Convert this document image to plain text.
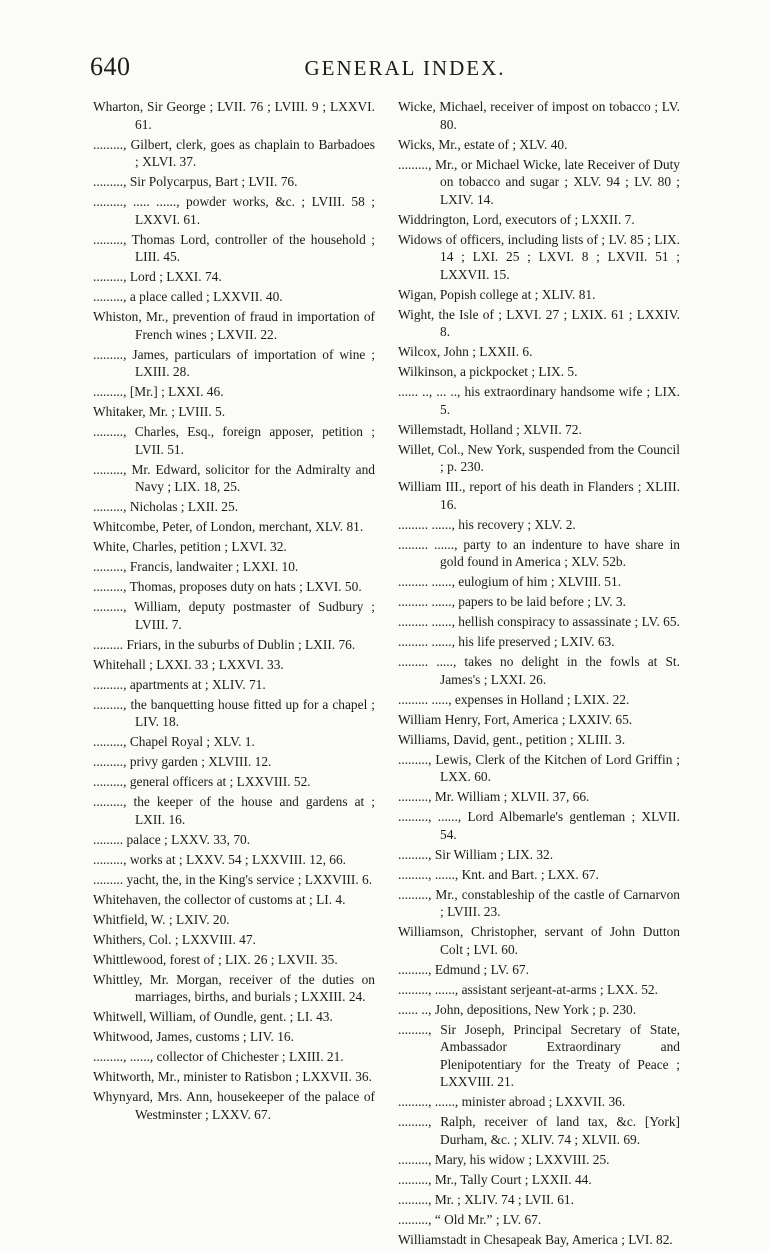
640	GENERAL INDEX.

Wharton, Sir George ; LVII. 76 ; LVIII. 9 ; LXXVI. 61.

........., Gilbert, clerk, goes as chaplain to Barbadoes ; XLVI. 37.

........., Sir Polycarpus, Bart ; LVII. 76.

........., ..... ......, powder works, &c. ; LVIII. 58 ; LXXVI. 61.

........., Thomas Lord, controller of the household ; LIII. 45.

........., Lord ; LXXI. 74.

........., a place called ; LXXVII. 40.

Whiston, Mr., prevention of fraud in importation of French wines ; LXVII. 22.

........., James, particulars of importation of wine ; LXIII. 28.

........., [Mr.] ; LXXI. 46.

Whitaker, Mr. ; LVIII. 5.

........., Charles, Esq., foreign apposer, petition ; LVII. 51.

........., Mr. Edward, solicitor for the Admiralty and Navy ; LIX. 18, 25.

........., Nicholas ; LXII. 25.

Whitcombe, Peter, of London, merchant, XLV. 81.

White, Charles, petition ; LXVI. 32.

........., Francis, landwaiter ; LXXI. 10.

........., Thomas, proposes duty on hats ; LXVI. 50.

........., William, deputy postmaster of Sudbury ; LVIII. 7.

......... Friars, in the suburbs of Dublin ; LXII. 76.

Whitehall ; LXXI. 33 ; LXXVI. 33.

........., apartments at ; XLIV. 71.

........., the banquetting house fitted up for a chapel ; LIV. 18.

........., Chapel Royal ; XLV. 1.

........., privy garden ; XLVIII. 12.

........., general officers at ; LXXVIII. 52.

........., the keeper of the house and gardens at ; LXII. 16.

......... palace ; LXXV. 33, 70.

........., works at ; LXXV. 54 ; LXXVIII. 12, 66.

......... yacht, the, in the King's service ; LXXVIII. 6.

Whitehaven, the collector of customs at ; LI. 4.

Whitfield, W. ; LXIV. 20.

Whithers, Col. ; LXXVIII. 47.

Whittlewood, forest of ; LIX. 26 ; LXVII. 35.

Whittley, Mr. Morgan, receiver of the duties on marriages, births, and burials ; LXXIII. 24.

Whitwell, William, of Oundle, gent. ; LI. 43.

Whitwood, James, customs ; LIV. 16.

........., ......, collector of Chichester ; LXIII. 21.

Whitworth, Mr., minister to Ratisbon ; LXXVII. 36.

Whynyard, Mrs. Ann, housekeeper of the palace of Westminster ; LXXV. 67.

Wicke, Michael, receiver of impost on tobacco ; LV. 80.

Wicks, Mr., estate of ; XLV. 40.

........., Mr., or Michael Wicke, late Receiver of Duty on tobacco and sugar ; XLV. 94 ; LV. 80 ; LXIV. 14.

Widdrington, Lord, executors of ; LXXII. 7.

Widows of officers, including lists of ; LV. 85 ; LIX. 14 ; LXI. 25 ; LXVI. 8 ; LXVII. 51 ; LXXVII. 15.

Wigan, Popish college at ; XLIV. 81.

Wight, the Isle of ; LXVI. 27 ; LXIX. 61 ; LXXIV. 8.

Wilcox, John ; LXXII. 6.

Wilkinson, a pickpocket ; LIX. 5.

...... .., ... .., his extraordinary handsome wife ; LIX. 5.

Willemstadt, Holland ; XLVII. 72.

Willet, Col., New York, suspended from the Council ; p. 230.

William III., report of his death in Flanders ; XLIII. 16.

......... ......, his recovery ; XLV. 2.

......... ......, party to an indenture to have share in gold found in America ; XLV. 52b.

......... ......, eulogium of him ; XLVIII. 51.

......... ......, papers to be laid before ; LV. 3.

......... ......, hellish conspiracy to assassinate ; LV. 65.

......... ......, his life preserved ; LXIV. 63.

......... ....., takes no delight in the fowls at St. James's ; LXXI. 26.

......... ....., expenses in Holland ; LXIX. 22.

William Henry, Fort, America ; LXXIV. 65.

Williams, David, gent., petition ; XLIII. 3.

........., Lewis, Clerk of the Kitchen of Lord Griffin ; LXX. 60.

........., Mr. William ; XLVII. 37, 66.

........., ......, Lord Albemarle's gentleman ; XLVII. 54.

........., Sir William ; LIX. 32.

........., ......, Knt. and Bart. ; LXX. 67.

........., Mr., constableship of the castle of Carnarvon ; LVIII. 23.

Williamson, Christopher, servant of John Dutton Colt ; LVI. 60.

........., Edmund ; LV. 67.

........., ......, assistant serjeant-at-arms ; LXX. 52.

...... .., John, depositions, New York ; p. 230.

........., Sir Joseph, Principal Secretary of State, Ambassador Extraordinary and Plenipotentiary for the Treaty of Peace ; LXXVIII. 21.

........., ......, minister abroad ; LXXVII. 36.

........., Ralph, receiver of land tax, &c. [York] Durham, &c. ; XLIV. 74 ; XLVII. 69.

........., Mary, his widow ; LXXVIII. 25.

........., Mr., Tally Court ; LXXII. 44.

........., Mr. ; XLIV. 74 ; LVII. 61.

........., “ Old Mr.” ; LV. 67.

Williamstadt in Chesapeak Bay, America ; LVI. 82.
